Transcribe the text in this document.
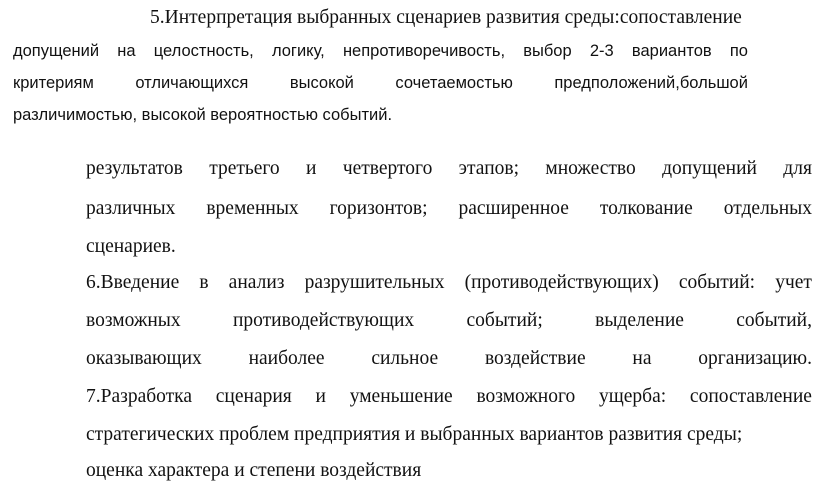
5.Интерпретация выбранных сценариев развития среды:сопоставление
допущений на целостность, логику, непротиворечивость, выбор 2-3 вариантов по
критериям	отличающихся	высокой	сочетаемостью	предположений,большой
различимостью, высокой вероятностью событий.
результатов третьего и четвертого этапов; множество допущений для
различных временных горизонтов; расширенное толкование отдельных
сценариев.
6.Введение в анализ разрушительных (противодействующих) событий: учет
возможных	противодействующих	событий;	выделение	событий,
оказывающих наиболее сильное воздействие на организацию.
7.Разработка сценария и уменьшение возможного ущерба: сопоставление
стратегических проблем предприятия и выбранных вариантов развития среды;
оценка характера и степени воздействия
